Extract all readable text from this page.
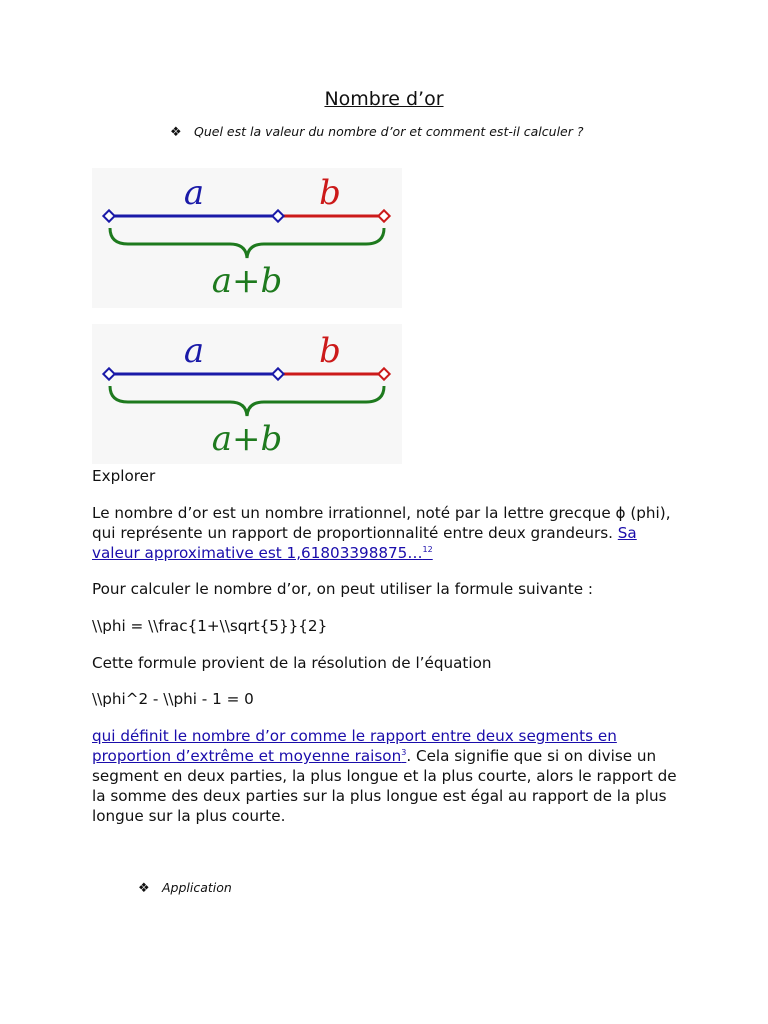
Nombre d’or
❖ Quel est la valeur du nombre d’or et comment est-il calculer ?
a	b
a+b
a	b
a+b

Explorer

Le nombre d’or est un nombre irrationnel, noté par la lettre grecque ϕ (phi), qui représente un rapport de proportionnalité entre deux grandeurs. Sa valeur approximative est 1,61803398875…$^{12}$

Pour calculer le nombre d’or, on peut utiliser la formule suivante :

\\phi = \\frac{1+\\sqrt{5}}{2}

Cette formule provient de la résolution de l’équation

\\phi^2 - \\phi - 1 = 0

qui définit le nombre d’or comme le rapport entre deux segments en proportion d’extrême et moyenne raison$^3$. Cela signifie que si on divise un segment en deux parties, la plus longue et la plus courte, alors le rapport de la somme des deux parties sur la plus longue est égal au rapport de la plus longue sur la plus courte.

❖ Application
